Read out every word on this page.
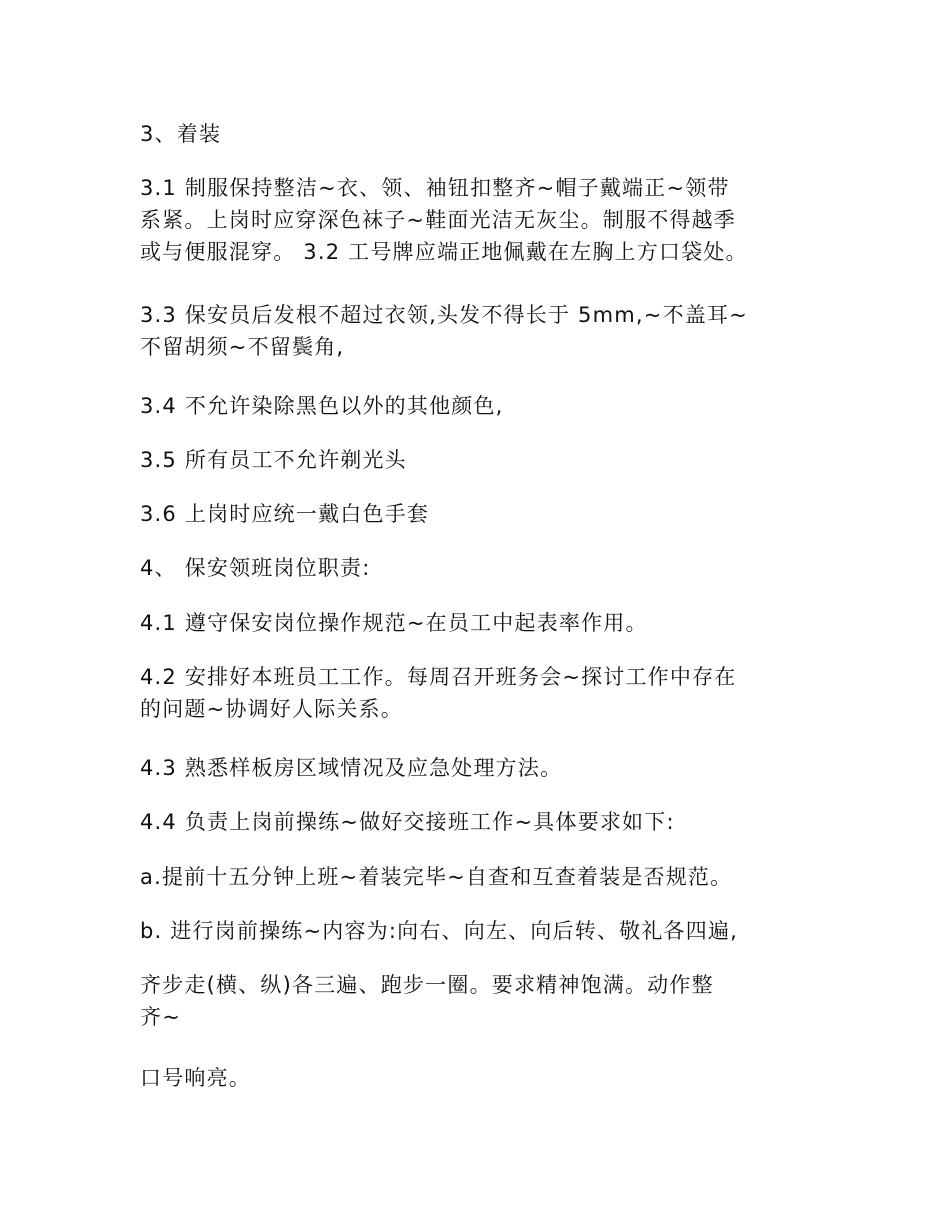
3、着装
3.1 制服保持整洁~衣、领、袖钮扣整齐~帽子戴端正~领带
系紧。上岗时应穿深色袜子~鞋面光洁无灰尘。制服不得越季
或与便服混穿。 3.2 工号牌应端正地佩戴在左胸上方口袋处。
3.3 保安员后发根不超过衣领,头发不得长于 5mm,~不盖耳~
不留胡须~不留鬓角,
3.4 不允许染除黑色以外的其他颜色,
3.5 所有员工不允许剃光头
3.6 上岗时应统一戴白色手套
4、 保安领班岗位职责:
4.1 遵守保安岗位操作规范~在员工中起表率作用。
4.2 安排好本班员工工作。每周召开班务会~探讨工作中存在
的问题~协调好人际关系。
4.3 熟悉样板房区域情况及应急处理方法。
4.4 负责上岗前操练~做好交接班工作~具体要求如下:
a.提前十五分钟上班~着装完毕~自查和互查着装是否规范。
b. 进行岗前操练~内容为:向右、向左、向后转、敬礼各四遍,
齐步走(横、纵)各三遍、跑步一圈。要求精神饱满。动作整
齐~
口号响亮。
